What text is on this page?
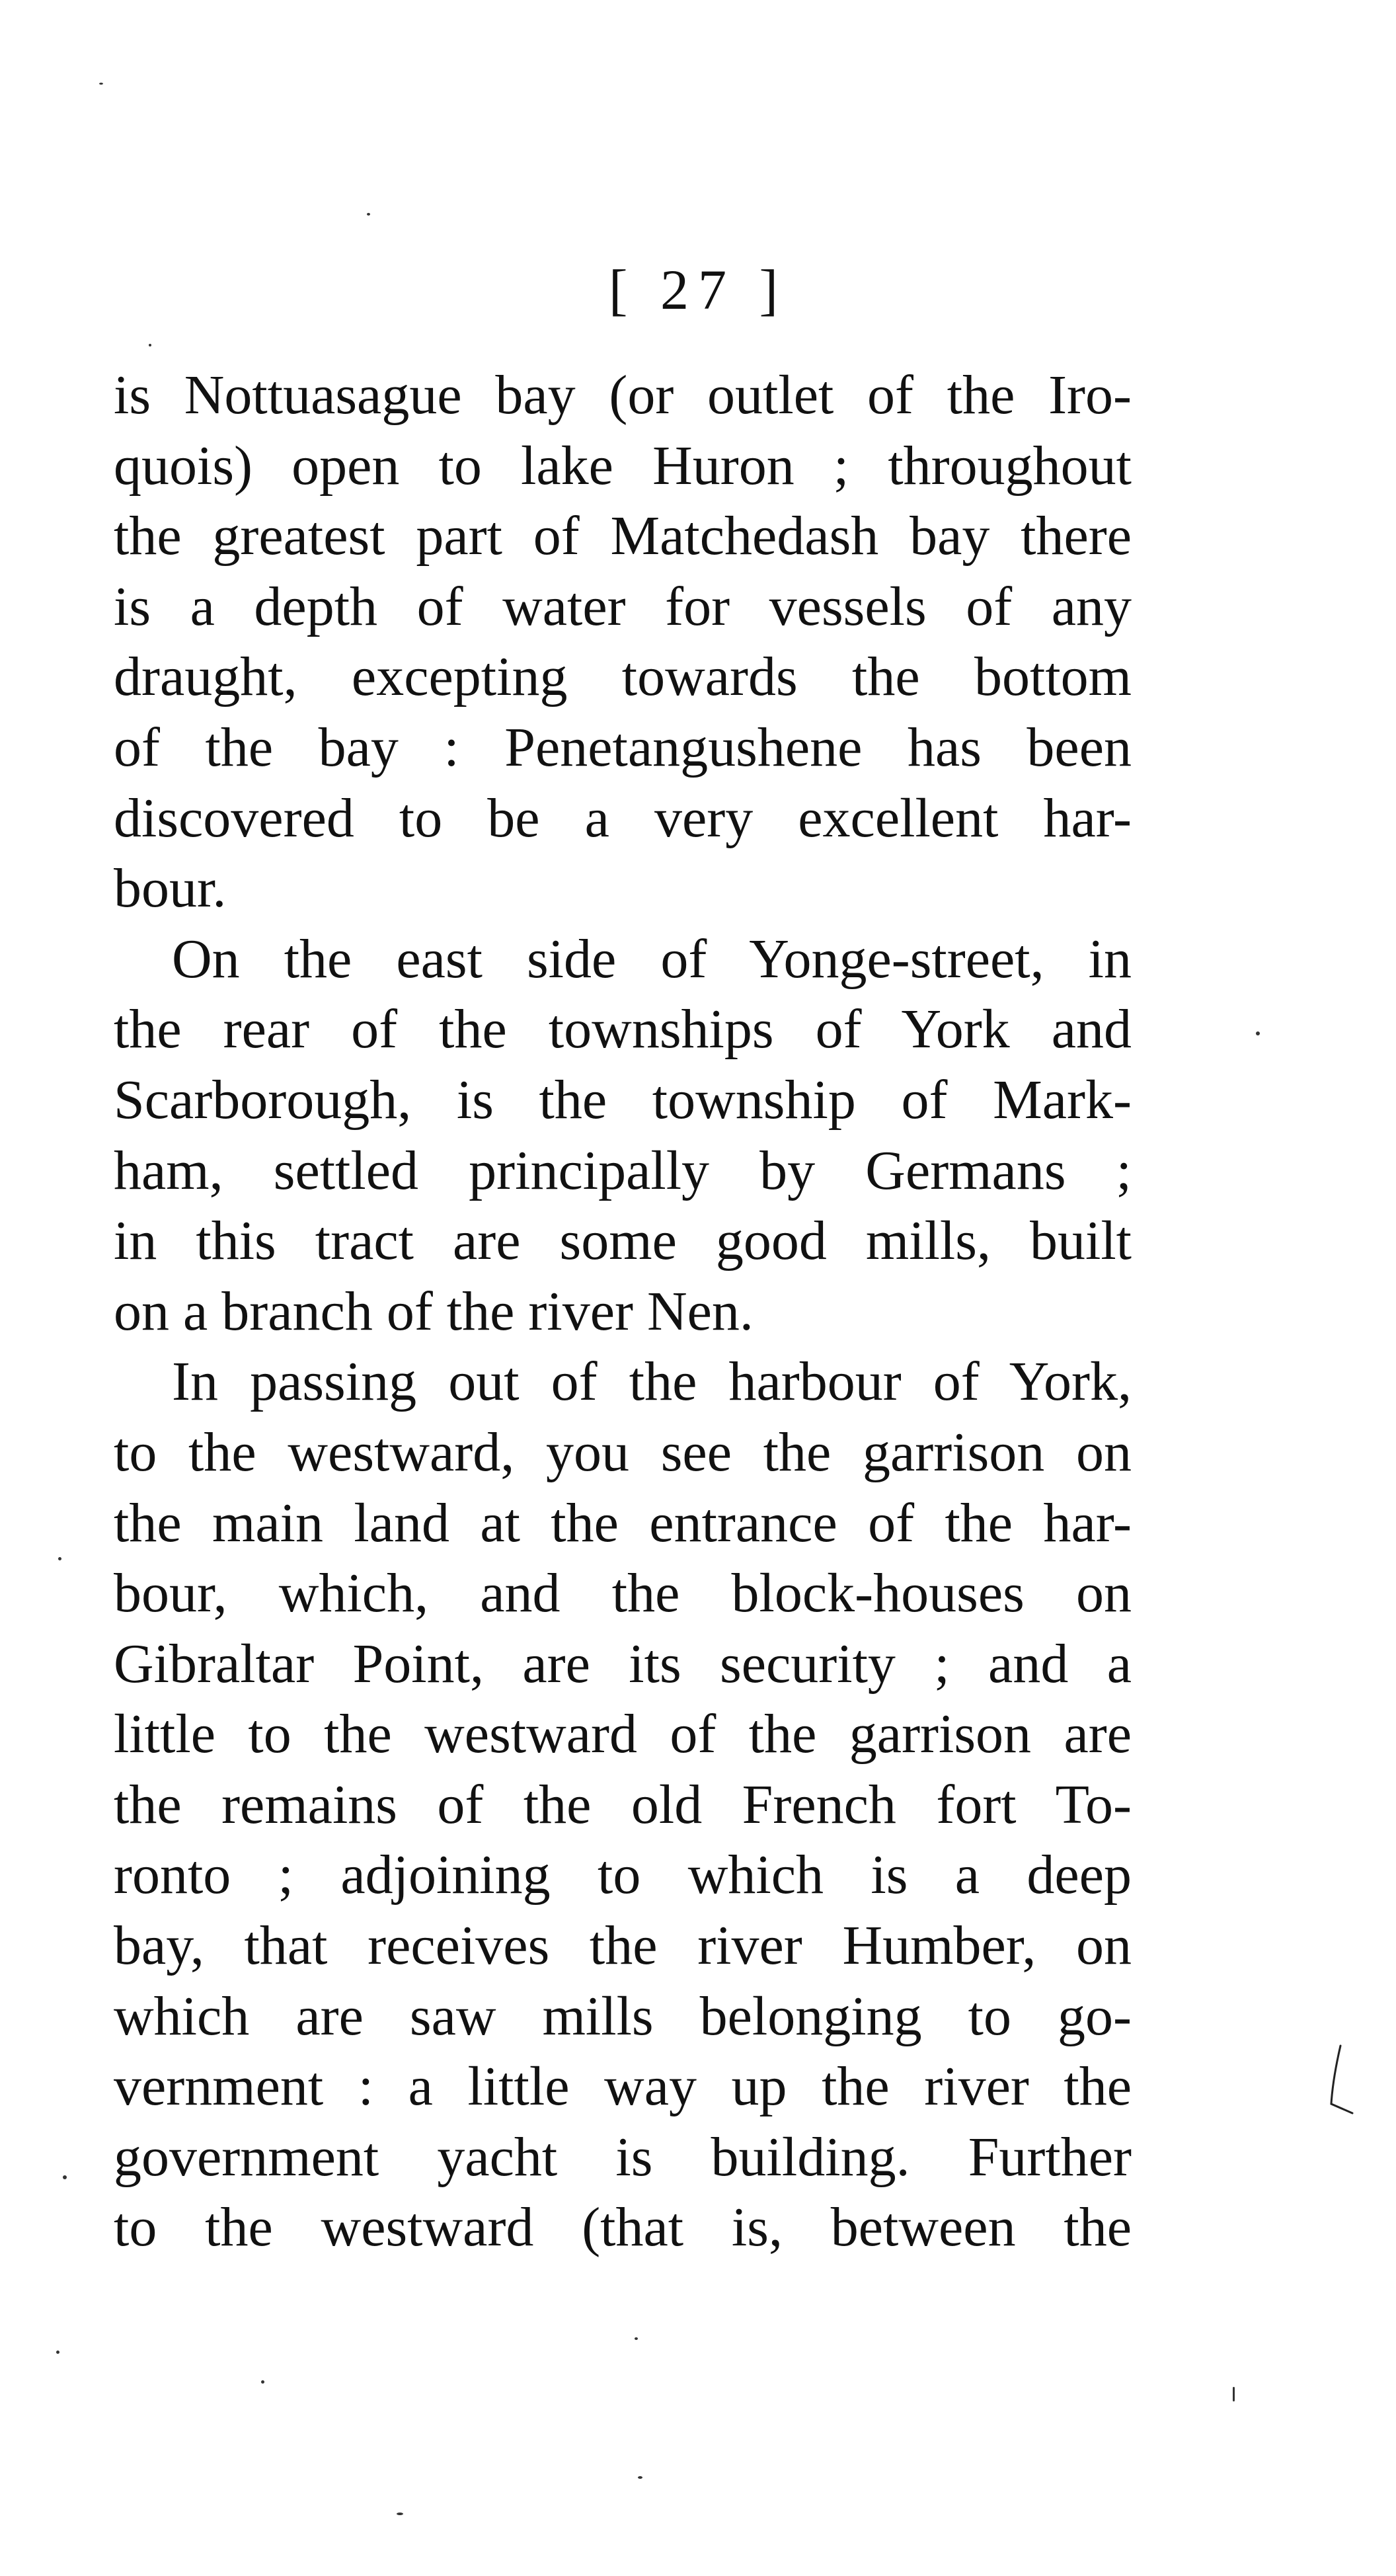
[ 27 ]
is Nottuasague bay (or outlet of the Iro-
quois) open to lake Huron ; throughout
the greatest part of Matchedash bay there
is a depth of water for vessels of any
draught, excepting towards the bottom
of the bay : Penetangushene has been
discovered to be a very excellent har-
bour.
On the east side of Yonge-street, in
the rear of the townships of York and
Scarborough, is the township of Mark-
ham, settled principally by Germans ;
in this tract are some good mills, built
on a branch of the river Nen.
In passing out of the harbour of York,
to the westward, you see the garrison on
the main land at the entrance of the har-
bour, which, and the block-houses on
Gibraltar Point, are its security ; and a
little to the westward of the garrison are
the remains of the old French fort To-
ronto ; adjoining to which is a deep
bay, that receives the river Humber, on
which are saw mills belonging to go-
vernment : a little way up the river the
government yacht is building. Further
to the westward (that is, between the
